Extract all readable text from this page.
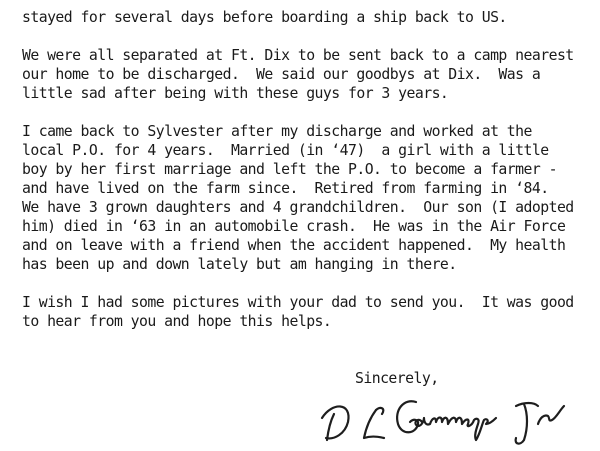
stayed for several days before boarding a ship back to US.
We were all separated at Ft. Dix to be sent back to a camp nearest
our home to be discharged.  We said our goodbys at Dix.  Was a
little sad after being with these guys for 3 years.
I came back to Sylvester after my discharge and worked at the
local P.O. for 4 years.  Married (in ‘47)  a girl with a little
boy by her first marriage and left the P.O. to become a farmer -
and have lived on the farm since.  Retired from farming in ‘84.
We have 3 grown daughters and 4 grandchildren.  Our son (I adopted
him) died in ‘63 in an automobile crash.  He was in the Air Force
and on leave with a friend when the accident happened.  My health
has been up and down lately but am hanging in there.
I wish I had some pictures with your dad to send you.  It was good
to hear from you and hope this helps.
Sincerely,
